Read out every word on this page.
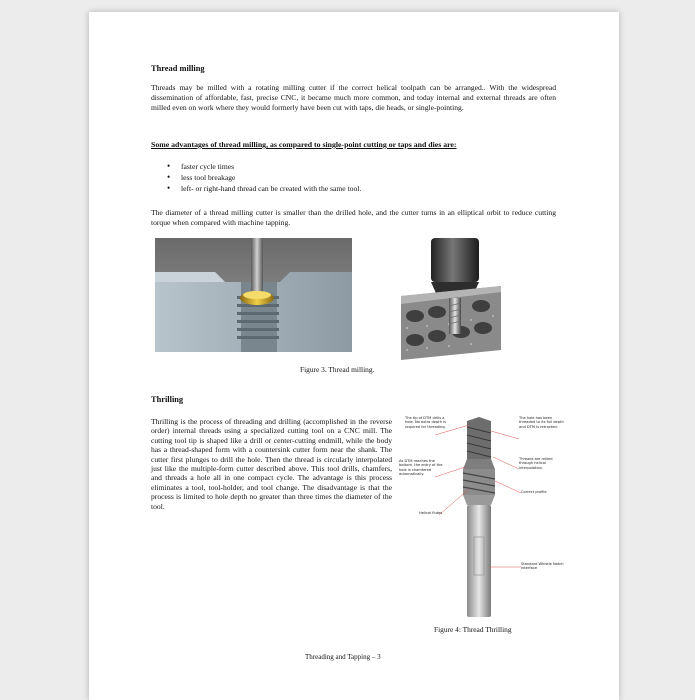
Thread milling
Threads may be milled with a rotating milling cutter if the correct helical toolpath can be arranged.. With the widespread dissemination of affordable, fast, precise CNC, it became much more common, and today internal and external threads are often milled even on work where they would formerly have been cut with taps, die heads, or single-pointing.
Some advantages of thread milling, as compared to single-point cutting or taps and dies are:
• faster cycle times
• less tool breakage
• left- or right-hand thread can be created with the same tool.
The diameter of a thread milling cutter is smaller than the drilled hole, and the cutter turns in an elliptical orbit to reduce cutting torque when compared with machine tapping.
Figure 3. Thread milling.
Thrilling
Thrilling is the process of threading and drilling (accomplished in the reverse order) internal threads using a specialized cutting tool on a CNC mill. The cutting tool tip is shaped like a drill or center-cutting endmill, while the body has a thread-shaped form with a countersink cutter form near the shank. The cutter first plunges to drill the hole. Then the thread is circularly interpolated just like the multiple-form cutter described above. This tool drills, chamfers, and threads a hole all in one compact cycle. The advantage is this process eliminates a tool, tool-holder, and tool change. The disadvantage is that the process is limited to hole depth no greater than three times the diameter of the tool.
The tip of DTM drills a hole. No extra depth is required for threading.
As DTM reaches the bottom, the entry of the hole is chamfered automatically.
Helical flutes
The hole has been threaded to its full depth and DTM is retracted.
Threads are milled through helical interpolation.
Correct profile
Standard Whistle Notch interface
Figure 4: Thread Thrilling
Threading and Tapping – 3
